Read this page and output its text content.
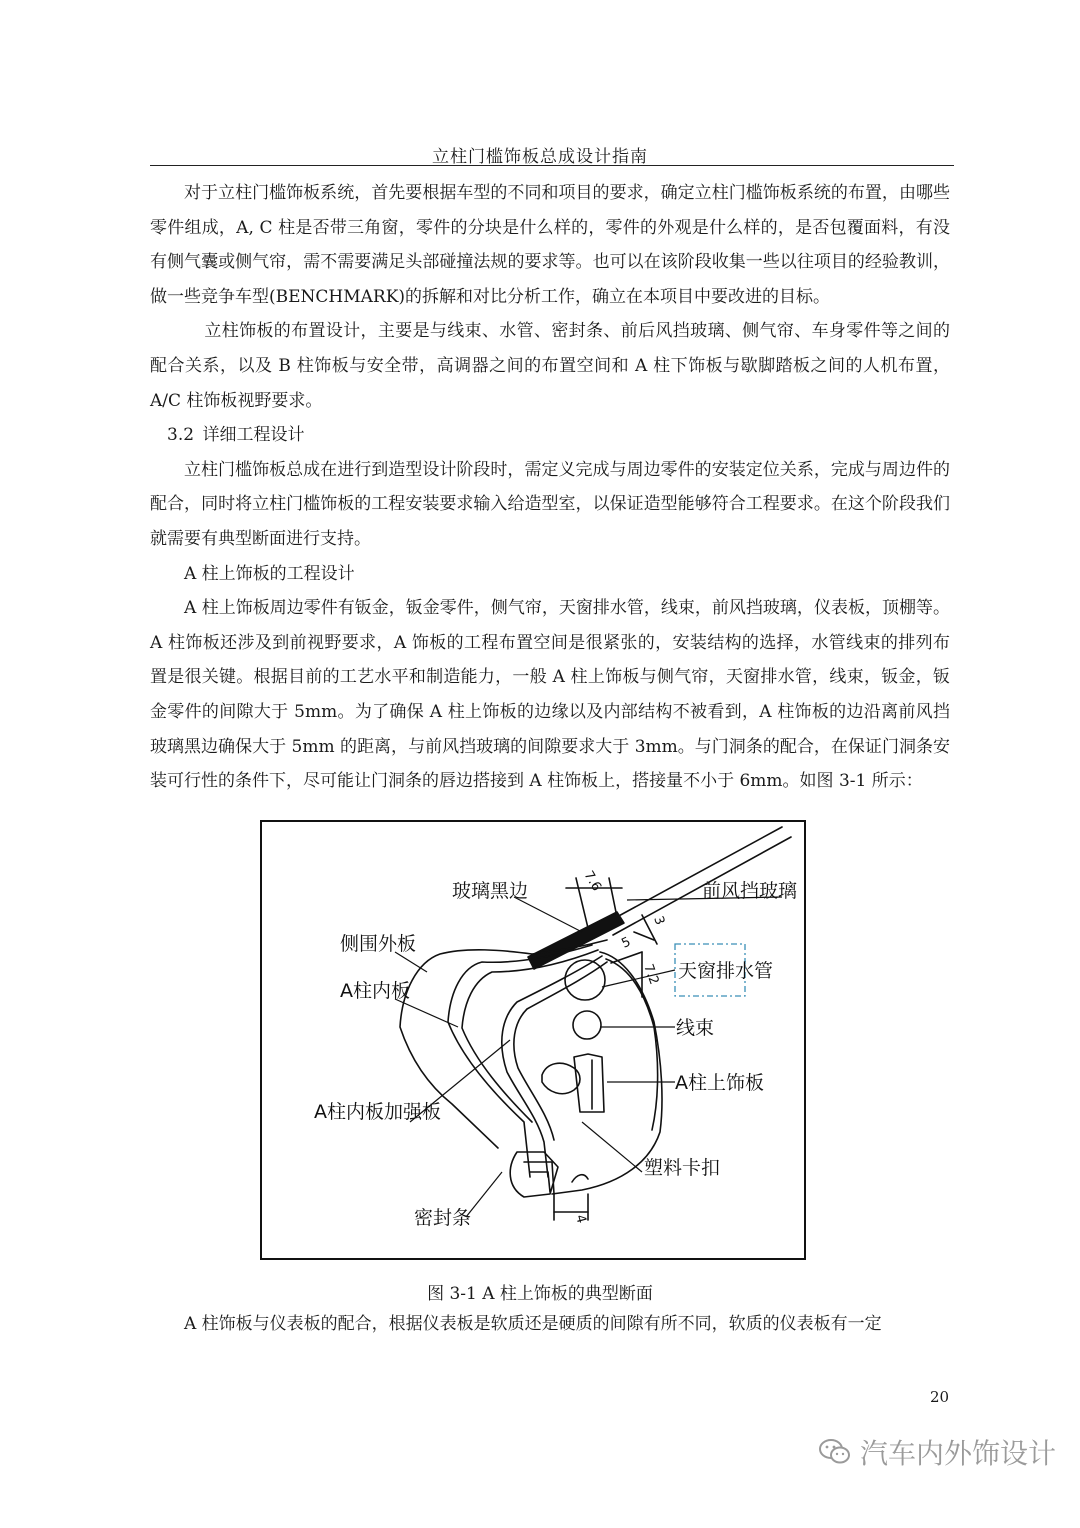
立柱门槛饰板总成设计指南

对于立柱门槛饰板系统，首先要根据车型的不同和项目的要求，确定立柱门槛饰板系统的布置，由哪些零件组成，A, C 柱是否带三角窗，零件的分块是什么样的，零件的外观是什么样的，是否包覆面料，有没有侧气囊或侧气帘，需不需要满足头部碰撞法规的要求等。也可以在该阶段收集一些以往项目的经验教训，做一些竞争车型(BENCHMARK)的拆解和对比分析工作，确立在本项目中要改进的目标。

立柱饰板的布置设计，主要是与线束、水管、密封条、前后风挡玻璃、侧气帘、车身零件等之间的配合关系，以及 B 柱饰板与安全带，高调器之间的布置空间和 A 柱下饰板与歇脚踏板之间的人机布置，A/C 柱饰板视野要求。

3.2 详细工程设计

立柱门槛饰板总成在进行到造型设计阶段时，需定义完成与周边零件的安装定位关系，完成与周边件的配合，同时将立柱门槛饰板的工程安装要求输入给造型室，以保证造型能够符合工程要求。在这个阶段我们就需要有典型断面进行支持。

A 柱上饰板的工程设计

A 柱上饰板周边零件有钣金，钣金零件，侧气帘，天窗排水管，线束，前风挡玻璃，仪表板，顶棚等。A 柱饰板还涉及到前视野要求，A 饰板的工程布置空间是很紧张的，安装结构的选择，水管线束的排列布置是很关键。根据目前的工艺水平和制造能力，一般 A 柱上饰板与侧气帘，天窗排水管，线束，钣金，钣金零件的间隙大于 5mm。为了确保 A 柱上饰板的边缘以及内部结构不被看到，A 柱饰板的边沿离前风挡玻璃黑边确保大于 5mm 的距离，与前风挡玻璃的间隙要求大于 3mm。与门洞条的配合，在保证门洞条安装可行性的条件下，尽可能让门洞条的唇边搭接到 A 柱饰板上，搭接量不小于 6mm。如图 3-1 所示：

玻璃黑边	前风挡玻璃
侧围外板
A柱内板
天窗排水管
线束
A柱上饰板
A柱内板加强板
塑料卡扣
密封条
7.6
3
5
7.2
4
图 3-1 A 柱上饰板的典型断面

A 柱饰板与仪表板的配合，根据仪表板是软质还是硬质的间隙有所不同，软质的仪表板有一定

20
汽车内外饰设计
